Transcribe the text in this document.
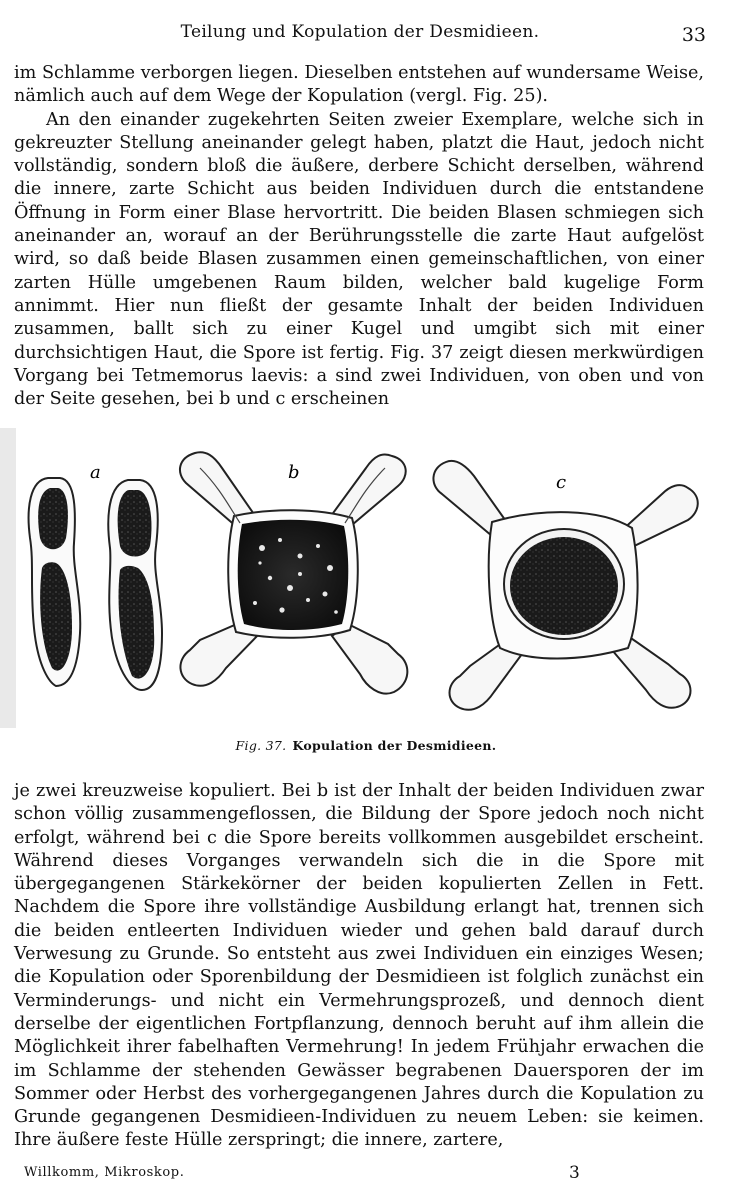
Teilung und Kopulation der Desmidieen.	33

im Schlamme verborgen liegen. Dieselben entstehen auf wundersame Weise, nämlich auch auf dem Wege der Kopulation (vergl. Fig. 25).

An den einander zugekehrten Seiten zweier Exemplare, welche sich in gekreuzter Stellung aneinander gelegt haben, platzt die Haut, jedoch nicht vollständig, sondern bloß die äußere, derbere Schicht derselben, während die innere, zarte Schicht aus beiden Individuen durch die entstandene Öffnung in Form einer Blase hervortritt. Die beiden Blasen schmiegen sich aneinander an, worauf an der Berührungsstelle die zarte Haut aufgelöst wird, so daß beide Blasen zusammen einen gemeinschaftlichen, von einer zarten Hülle umgebenen Raum bilden, welcher bald kugelige Form annimmt. Hier nun fließt der gesamte Inhalt der beiden Individuen zusammen, ballt sich zu einer Kugel und umgibt sich mit einer durchsichtigen Haut, die Spore ist fertig. Fig. 37 zeigt diesen merkwürdigen Vorgang bei Tetmemorus laevis: a sind zwei Individuen, von oben und von der Seite gesehen, bei b und c erscheinen

a	b	c
Fig. 37. Kopulation der Desmidieen.

je zwei kreuzweise kopuliert. Bei b ist der Inhalt der beiden Individuen zwar schon völlig zusammengeflossen, die Bildung der Spore jedoch noch nicht erfolgt, während bei c die Spore bereits vollkommen ausgebildet erscheint. Während dieses Vorganges verwandeln sich die in die Spore mit übergegangenen Stärkekörner der beiden kopulierten Zellen in Fett. Nachdem die Spore ihre vollständige Ausbildung erlangt hat, trennen sich die beiden entleerten Individuen wieder und gehen bald darauf durch Verwesung zu Grunde. So entsteht aus zwei Individuen ein einziges Wesen; die Kopulation oder Sporenbildung der Desmidieen ist folglich zunächst ein Verminderungs- und nicht ein Vermehrungsprozeß, und dennoch dient derselbe der eigentlichen Fortpflanzung, dennoch beruht auf ihm allein die Möglichkeit ihrer fabelhaften Vermehrung! In jedem Frühjahr erwachen die im Schlamme der stehenden Gewässer begrabenen Dauersporen der im Sommer oder Herbst des vorhergegangenen Jahres durch die Kopulation zu Grunde gegangenen Desmidieen-Individuen zu neuem Leben: sie keimen. Ihre äußere feste Hülle zerspringt; die innere, zartere,

Willkomm, Mikroskop.	3
